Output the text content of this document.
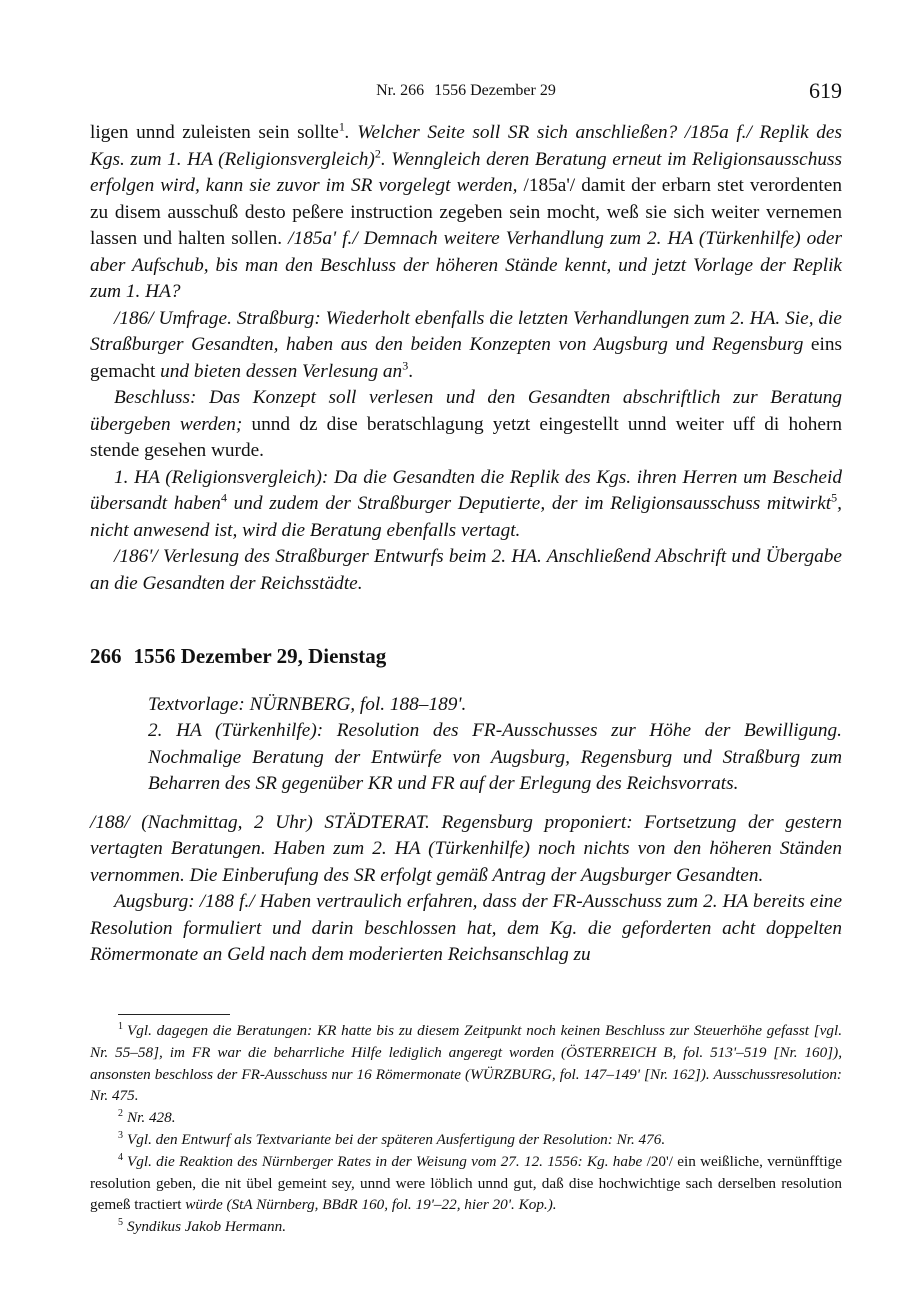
Nr. 266 1556 Dezember 29	619

ligen unnd zuleisten sein sollte$^1$. Welcher Seite soll SR sich anschließen? /185a f./ Replik des Kgs. zum 1. HA (Religionsvergleich)$^2$. Wenngleich deren Beratung erneut im Religionsausschuss erfolgen wird, kann sie zuvor im SR vorgelegt werden, /185a'/ damit der erbarn stet verordenten zu disem ausschuß desto peßere instruction zegeben sein mocht, weß sie sich weiter vernemen lassen und halten sollen. /185a' f./ Demnach weitere Verhandlung zum 2. HA (Türkenhilfe) oder aber Aufschub, bis man den Beschluss der höheren Stände kennt, und jetzt Vorlage der Replik zum 1. HA?

/186/ Umfrage. Straßburg: Wiederholt ebenfalls die letzten Verhandlungen zum 2. HA. Sie, die Straßburger Gesandten, haben aus den beiden Konzepten von Augsburg und Regensburg eins gemacht und bieten dessen Verlesung $an^3$.

Beschluss: Das Konzept soll verlesen und den Gesandten abschriftlich zur Beratung übergeben werden; unnd dz dise beratschlagung yetzt eingestellt unnd weiter uff di hohern stende gesehen wurde.

1. HA (Religionsvergleich): Da die Gesandten die Replik des Kgs. ihren Herren um Bescheid übersandt haben$^4$ und zudem der Straßburger Deputierte, der im Religionsausschuss mitwirkt$^5$, nicht anwesend ist, wird die Beratung ebenfalls vertagt.

/186'/ Verlesung des Straßburger Entwurfs beim 2. HA. Anschließend Abschrift und Übergabe an die Gesandten der Reichsstädte.

266 1556 Dezember 29, Dienstag

Textvorlage: NÜRNBERG, fol. 188–189'.

2. HA (Türkenhilfe): Resolution des FR-Ausschusses zur Höhe der Bewilligung. Nochmalige Beratung der Entwürfe von Augsburg, Regensburg und Straßburg zum Beharren des SR gegenüber KR und FR auf der Erlegung des Reichsvorrats.

/188/ (Nachmittag, 2 Uhr) STÄDTERAT. Regensburg proponiert: Fortsetzung der gestern vertagten Beratungen. Haben zum 2. HA (Türkenhilfe) noch nichts von den höheren Ständen vernommen. Die Einberufung des SR erfolgt gemäß Antrag der Augsburger Gesandten.

Augsburg: /188 f./ Haben vertraulich erfahren, dass der FR-Ausschuss zum 2. HA bereits eine Resolution formuliert und darin beschlossen hat, dem Kg. die geforderten acht doppelten Römermonate an Geld nach dem moderierten Reichsanschlag zu

$^1$ Vgl. dagegen die Beratungen: KR hatte bis zu diesem Zeitpunkt noch keinen Beschluss zur Steuerhöhe gefasst [vgl. Nr. 55–58], im FR war die beharrliche Hilfe lediglich angeregt worden (ÖSTERREICH B, fol. 513'–519 [Nr. 160]), ansonsten beschloss der FR-Ausschuss nur 16 Römermonate (WÜRZBURG, fol. 147–149' [Nr. 162]). Ausschussresolution: Nr. 475.

$^2$ Nr. 428.

$^3$ Vgl. den Entwurf als Textvariante bei der späteren Ausfertigung der Resolution: Nr. 476.

$^4$ Vgl. die Reaktion des Nürnberger Rates in der Weisung vom 27. 12. 1556: Kg. habe /20'/ ein weißliche, vernünfftige resolution geben, die nit übel gemeint sey, unnd were löblich unnd gut, daß dise hochwichtige sach derselben resolution gemeß tractiert würde (StA Nürnberg, BBdR 160, fol. 19'–22, hier 20'. Kop.).

$^5$ Syndikus Jakob Hermann.
